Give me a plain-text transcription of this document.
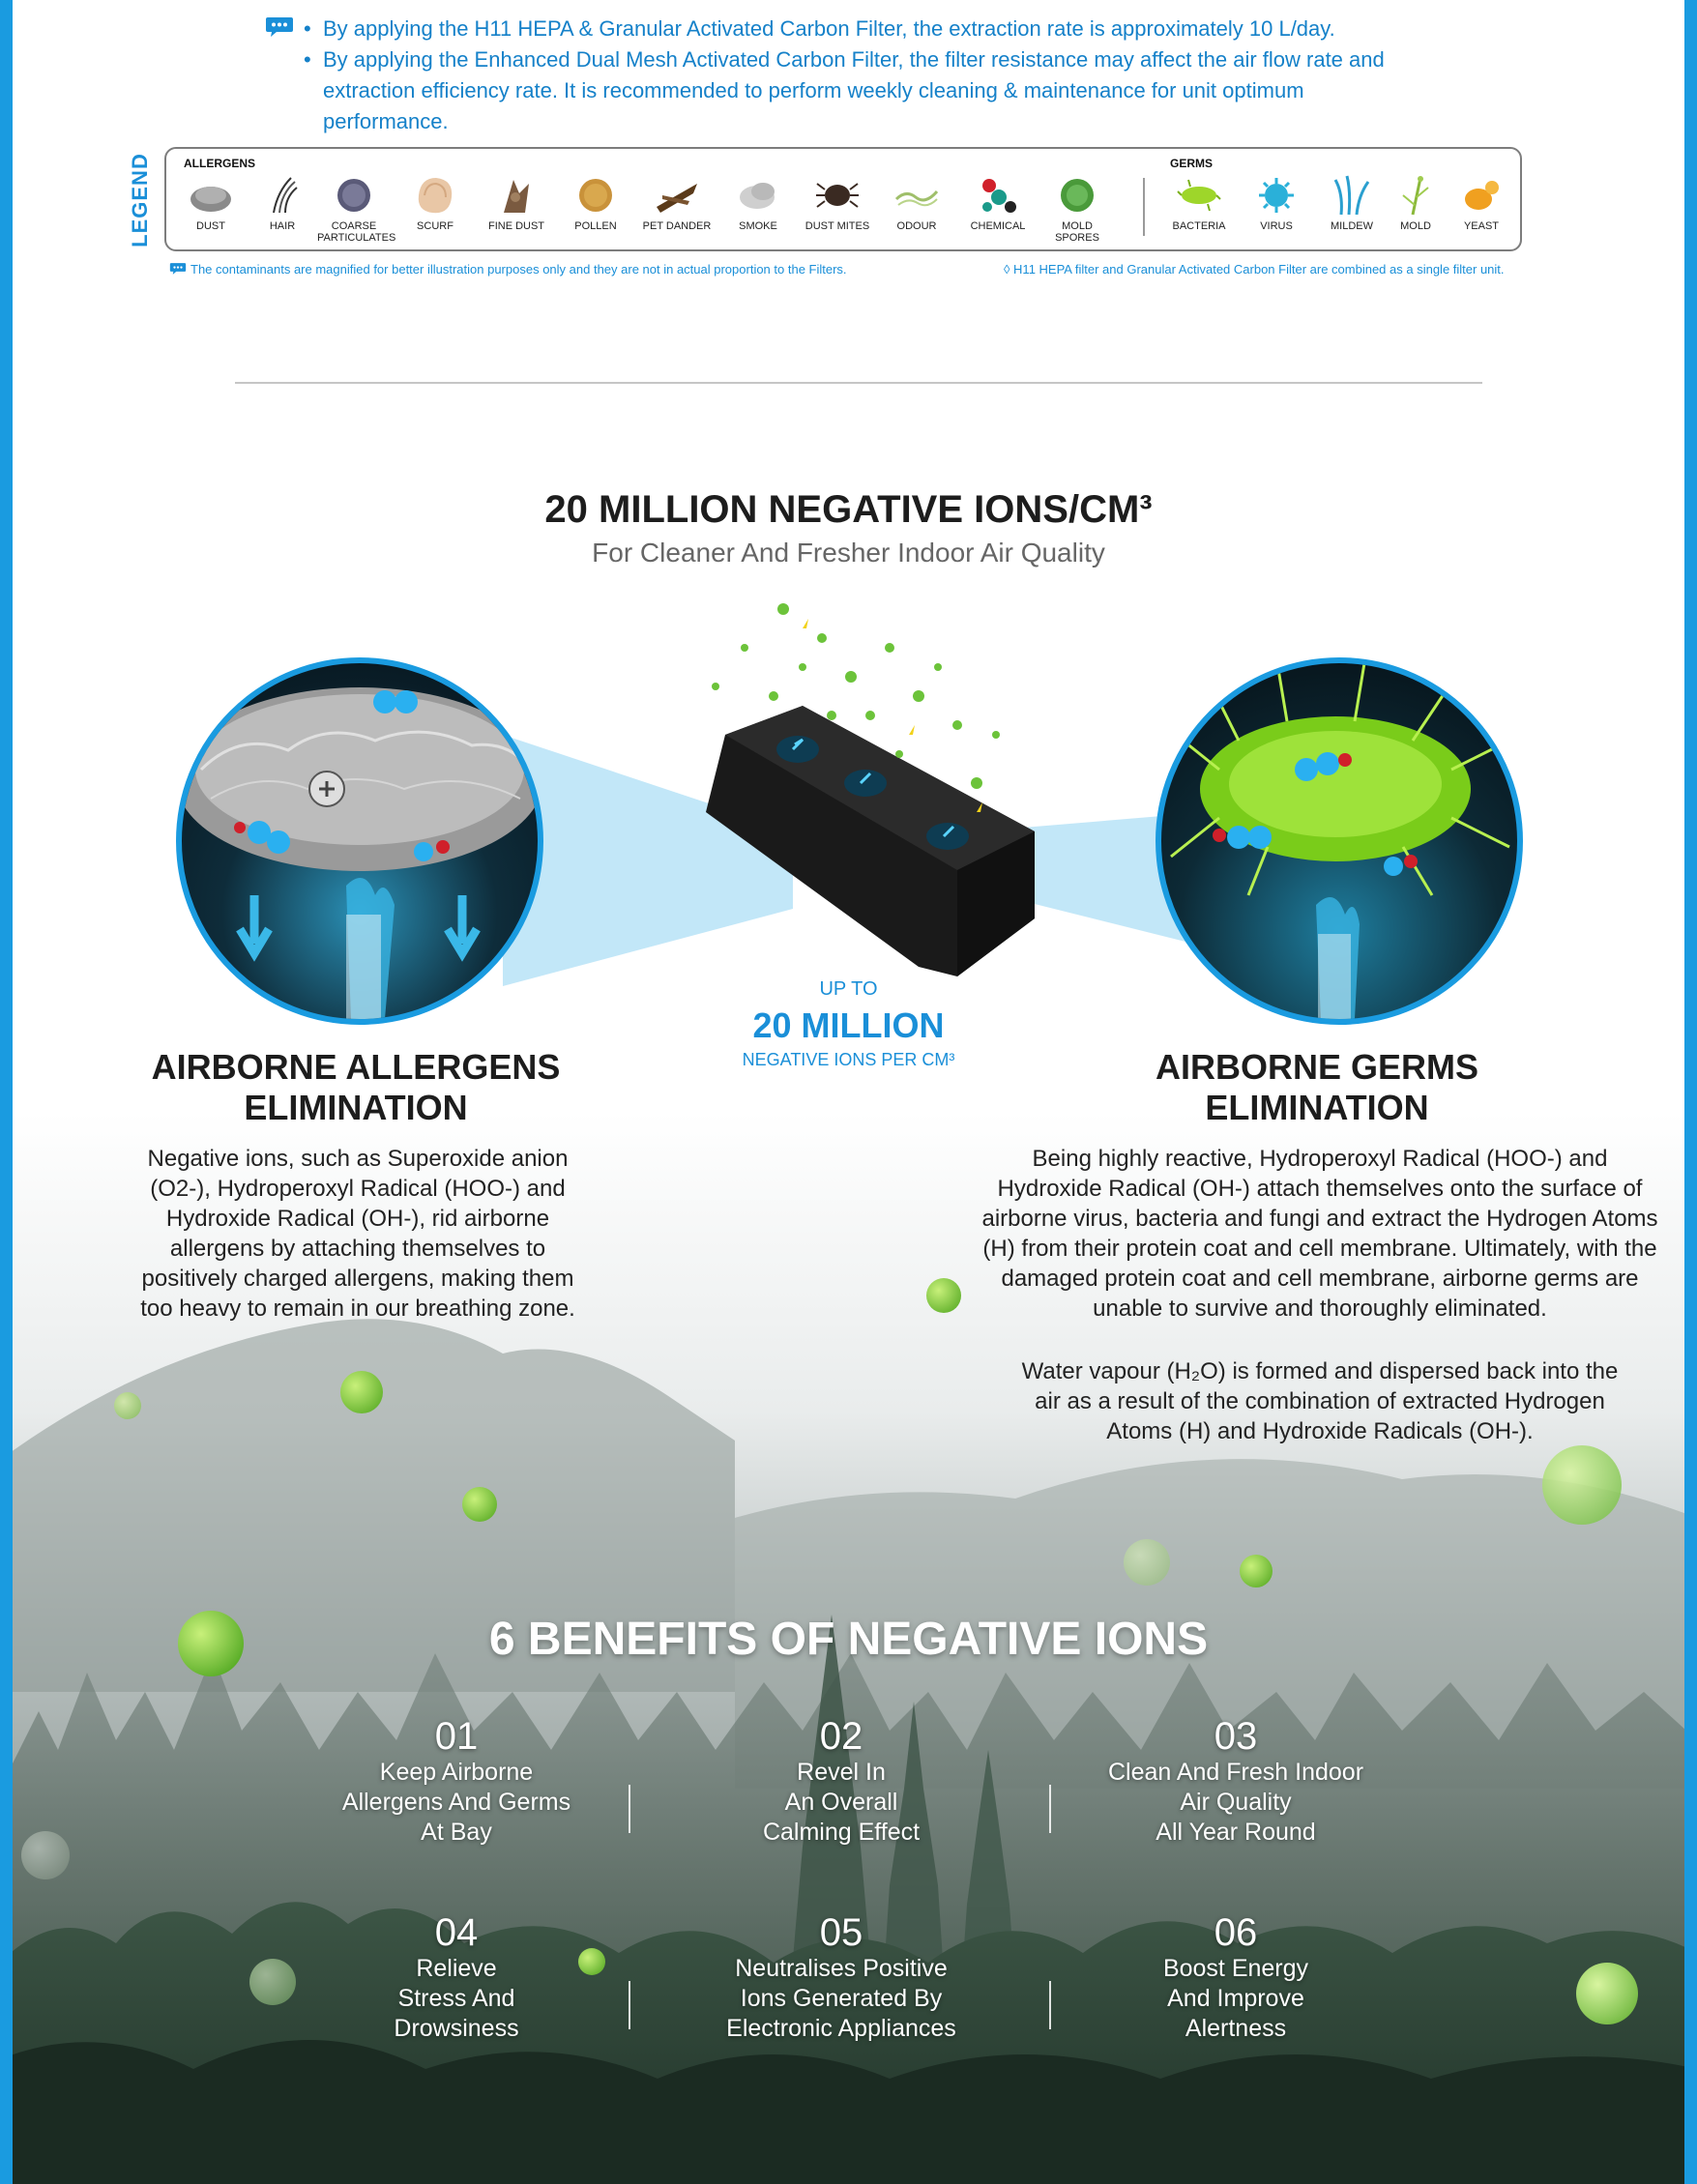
• By applying the H11 HEPA & Granular Activated Carbon Filter, the extraction rate is approximately 10 L/day.
• By applying the Enhanced Dual Mesh Activated Carbon Filter, the filter resistance may affect the air flow rate and
extraction efficiency rate. It is recommended to perform weekly cleaning & maintenance for unit optimum performance.
LEGEND	ALLERGENS	GERMS
DUST	HAIR	COARSE PARTICULATES
SCURF	FINE DUST	POLLEN	PET DANDER	SMOKE	DUST MITES	ODOUR	CHEMICAL	MOLD SPORES
BACTERIA	VIRUS	MILDEW	MOLD	YEAST
The contaminants are magnified for better illustration purposes only and they are not in actual proportion to the Filters.	◊ H11 HEPA filter and Granular Activated Carbon Filter are combined as a single filter unit.
20 MILLION NEGATIVE IONS/CM³
For Cleaner And Fresher Indoor Air Quality
UP TO
20 MILLION
NEGATIVE IONS PER CM³
AIRBORNE ALLERGENS
ELIMINATION
AIRBORNE GERMS
ELIMINATION
Negative ions, such as Superoxide anion (O2-), Hydroperoxyl Radical (HOO-) and Hydroxide Radical (OH-), rid airborne allergens by attaching themselves to positively charged allergens, making them too heavy to remain in our breathing zone.
Being highly reactive, Hydroperoxyl Radical (HOO-) and Hydroxide Radical (OH-) attach themselves onto the surface of airborne virus, bacteria and fungi and extract the Hydrogen Atoms (H) from their protein coat and cell membrane. Ultimately, with the damaged protein coat and cell membrane, airborne germs are unable to survive and thoroughly eliminated.
Water vapour (H₂O) is formed and dispersed back into the air as a result of the combination of extracted Hydrogen Atoms (H) and Hydroxide Radicals (OH-).
6 BENEFITS OF NEGATIVE IONS
01
Keep Airborne
Allergens And Germs
At Bay
02
Revel In
An Overall
Calming Effect
03
Clean And Fresh Indoor
Air Quality
All Year Round
04
Relieve
Stress And
Drowsiness
05
Neutralises Positive
Ions Generated By
Electronic Appliances
06
Boost Energy
And Improve
Alertness
